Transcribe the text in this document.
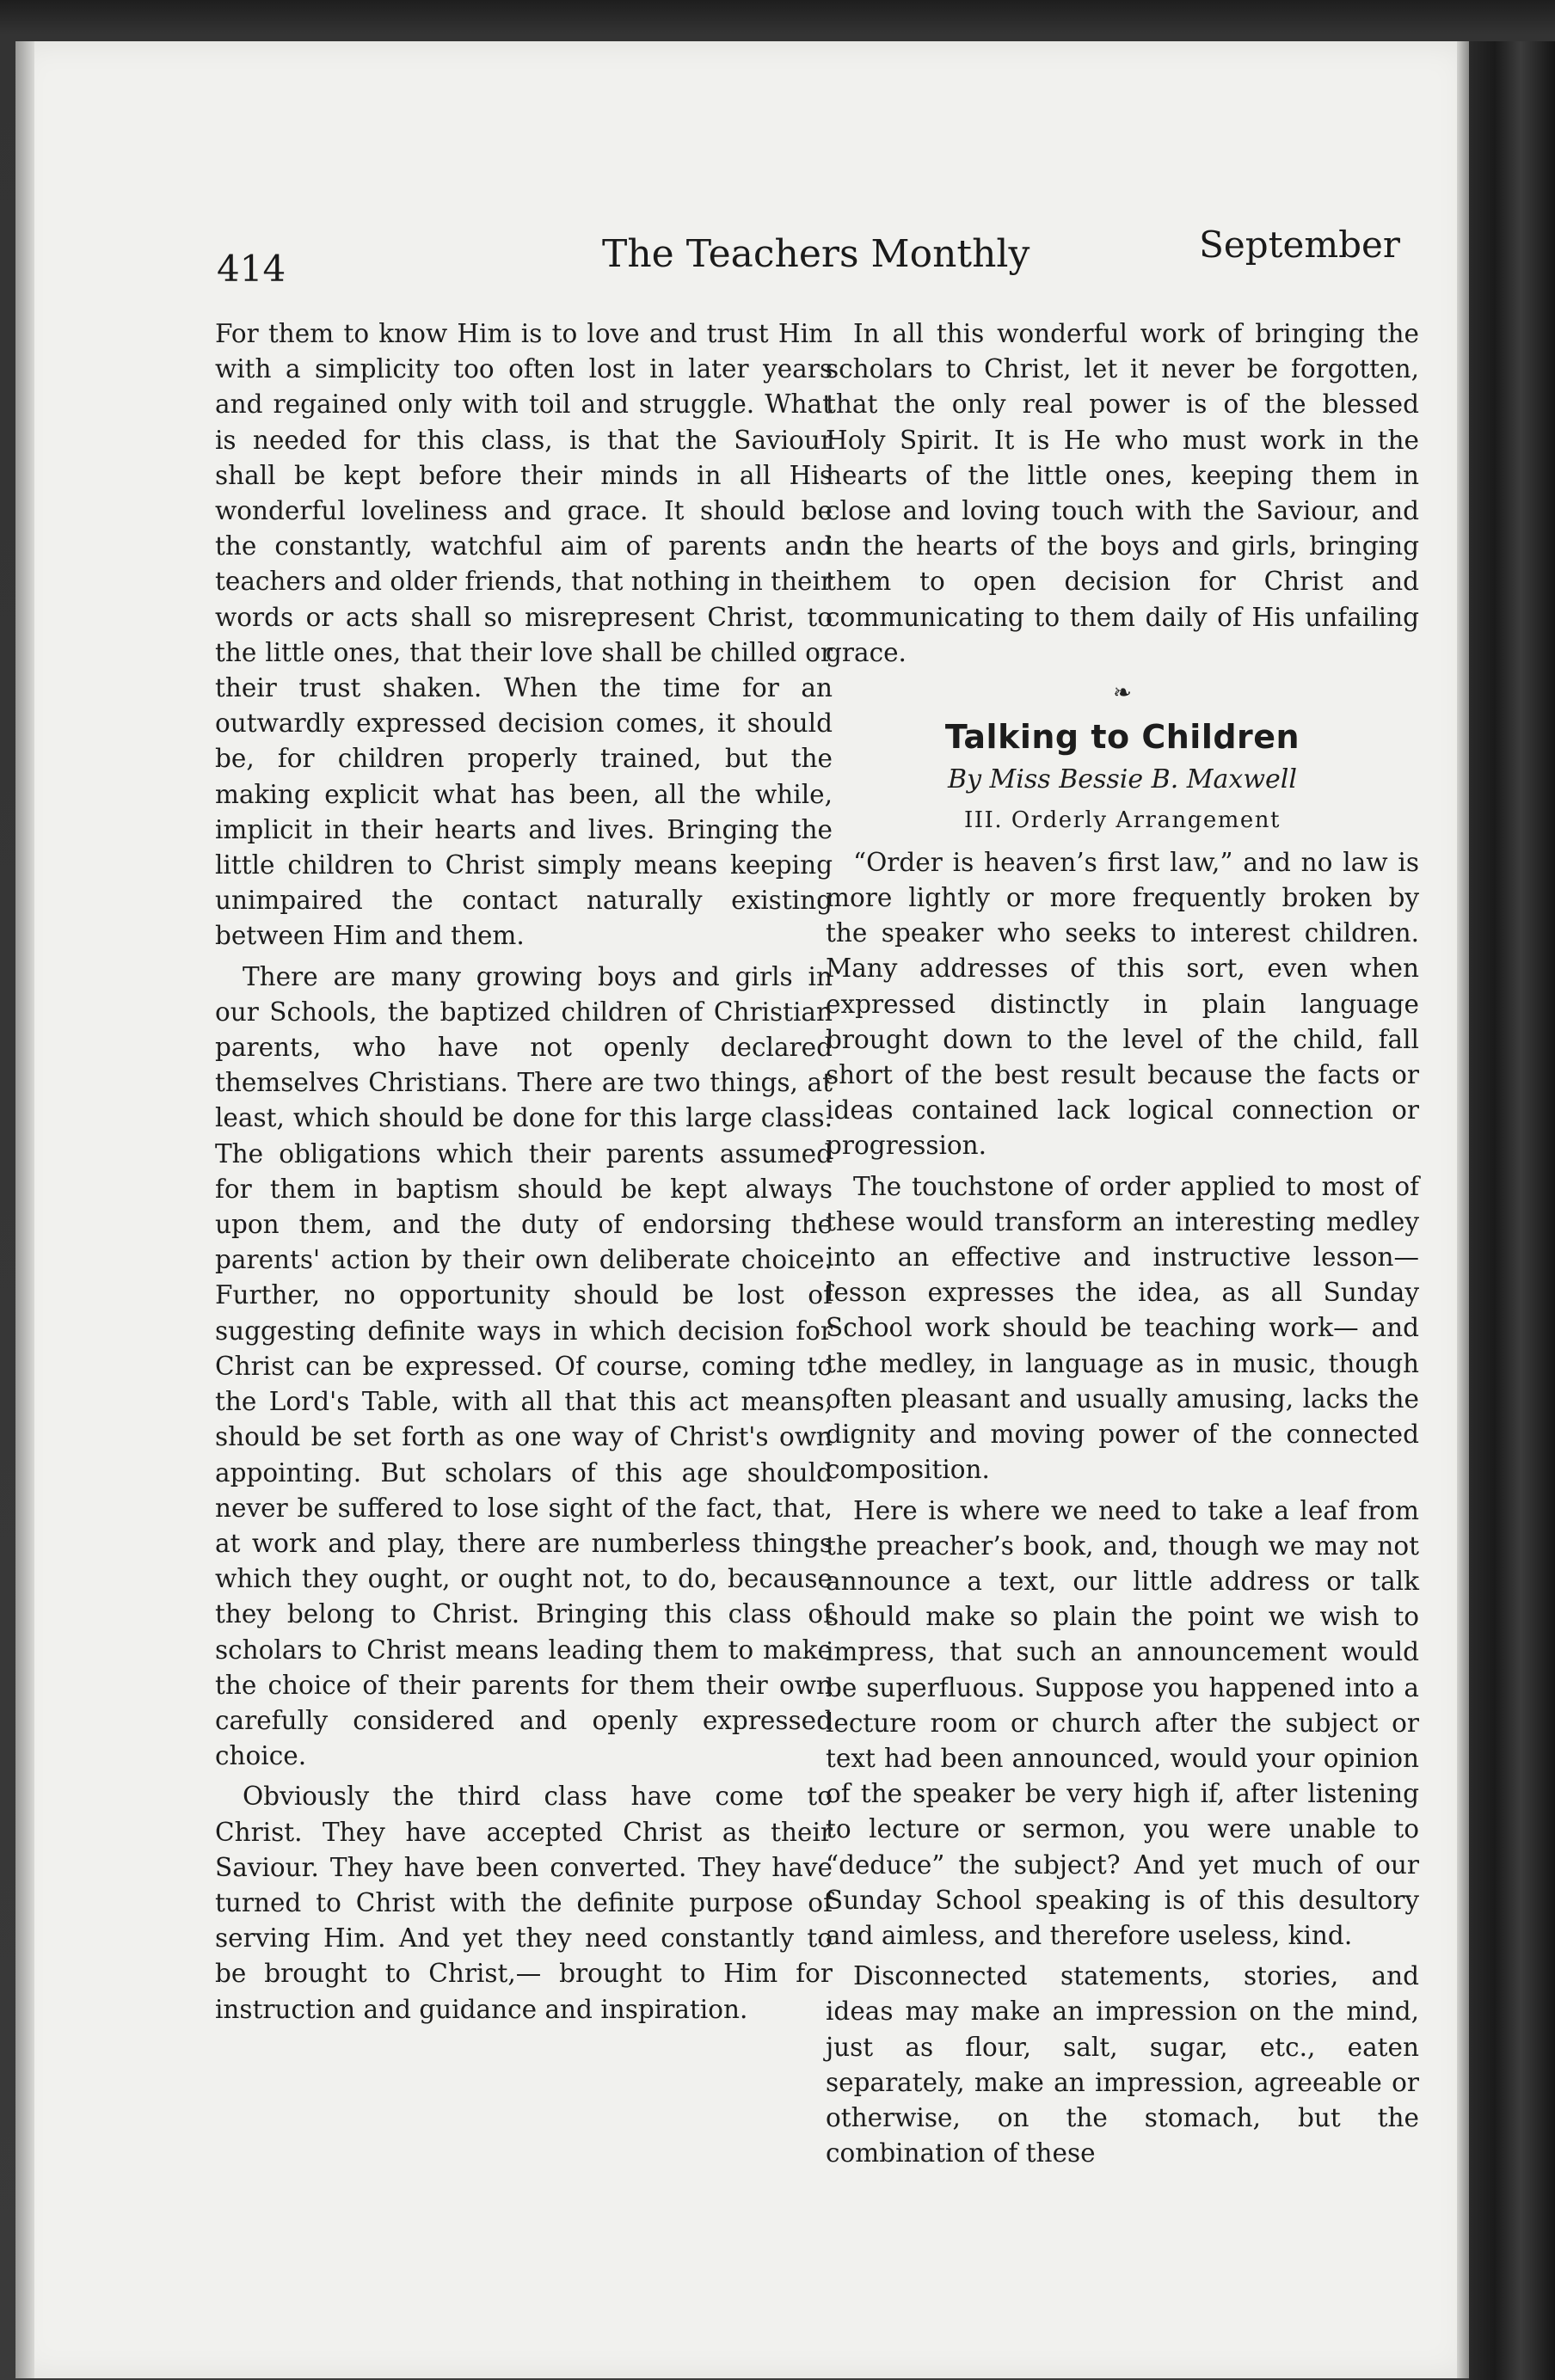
414	The Teachers Monthly	September

For them to know Him is to love and trust Him with a simplicity too often lost in later years and regained only with toil and struggle. What is needed for this class, is that the Saviour shall be kept before their minds in all His wonderful loveliness and grace. It should be the constantly, watchful aim of parents and teachers and older friends, that nothing in their words or acts shall so misrepresent Christ, to the little ones, that their love shall be chilled or their trust shaken. When the time for an outwardly expressed decision comes, it should be, for children properly trained, but the making explicit what has been, all the while, implicit in their hearts and lives. Bringing the little children to Christ simply means keeping unimpaired the contact naturally existing between Him and them.

There are many growing boys and girls in our Schools, the baptized children of Christian parents, who have not openly declared themselves Christians. There are two things, at least, which should be done for this large class. The obligations which their parents assumed for them in baptism should be kept always upon them, and the duty of endorsing the parents' action by their own deliberate choice. Further, no opportunity should be lost of suggesting definite ways in which decision for Christ can be expressed. Of course, coming to the Lord's Table, with all that this act means, should be set forth as one way of Christ's own appointing. But scholars of this age should never be suffered to lose sight of the fact, that, at work and play, there are numberless things which they ought, or ought not, to do, because they belong to Christ. Bringing this class of scholars to Christ means leading them to make the choice of their parents for them their own carefully considered and openly expressed choice.

Obviously the third class have come to Christ. They have accepted Christ as their Saviour. They have been converted. They have turned to Christ with the definite purpose of serving Him. And yet they need constantly to be brought to Christ,— brought to Him for instruction and guidance and inspiration.

In all this wonderful work of bringing the scholars to Christ, let it never be forgotten, that the only real power is of the blessed Holy Spirit. It is He who must work in the hearts of the little ones, keeping them in close and loving touch with the Saviour, and in the hearts of the boys and girls, bringing them to open decision for Christ and communicating to them daily of His unfailing grace.

❧
Talking to Children
By Miss Bessie B. Maxwell
III. Orderly Arrangement

“Order is heaven’s first law,” and no law is more lightly or more frequently broken by the speaker who seeks to interest children. Many addresses of this sort, even when expressed distinctly in plain language brought down to the level of the child, fall short of the best result because the facts or ideas contained lack logical connection or progression.

The touchstone of order applied to most of these would transform an interesting medley into an effective and instructive lesson— lesson expresses the idea, as all Sunday School work should be teaching work— and the medley, in language as in music, though often pleasant and usually amusing, lacks the dignity and moving power of the connected composition.

Here is where we need to take a leaf from the preacher’s book, and, though we may not announce a text, our little address or talk should make so plain the point we wish to impress, that such an announcement would be superfluous. Suppose you happened into a lecture room or church after the subject or text had been announced, would your opinion of the speaker be very high if, after listening to lecture or sermon, you were unable to “deduce” the subject? And yet much of our Sunday School speaking is of this desultory and aimless, and therefore useless, kind.

Disconnected statements, stories, and ideas may make an impression on the mind, just as flour, salt, sugar, etc., eaten separately, make an impression, agreeable or otherwise, on the stomach, but the combination of these
